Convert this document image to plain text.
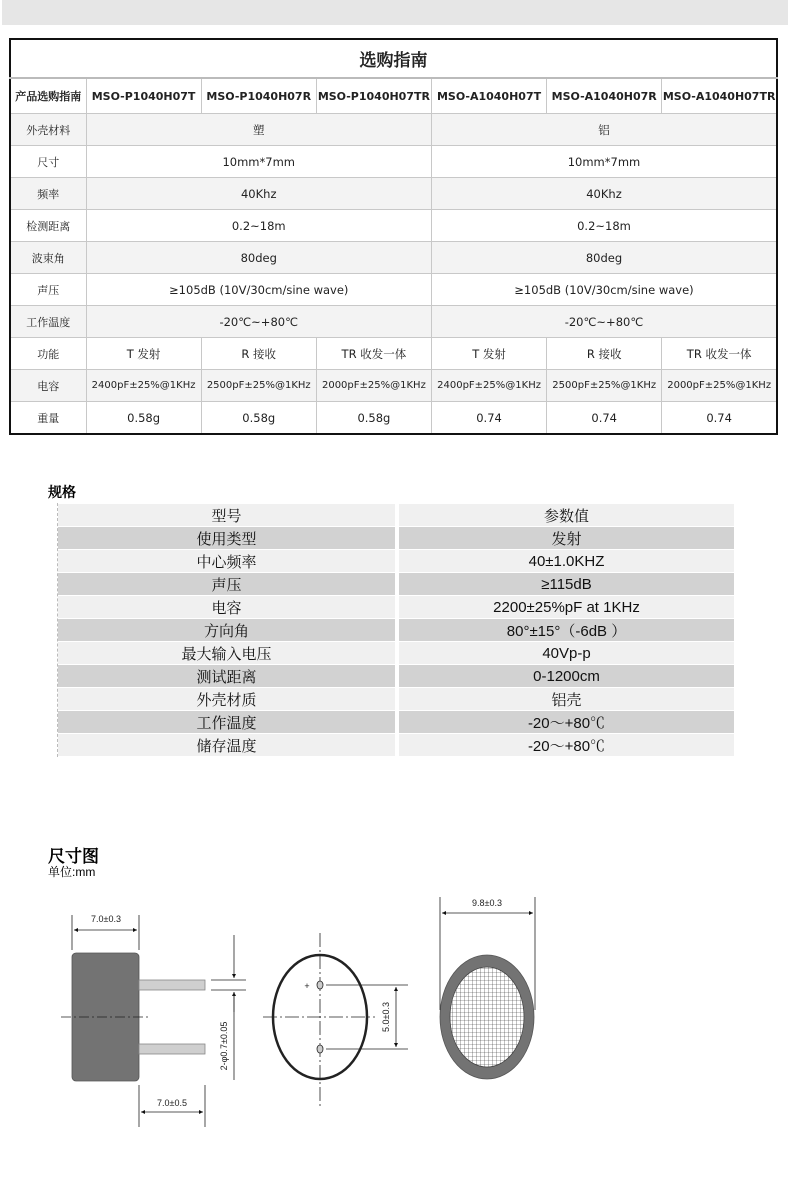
选购指南						
产品选购指南	MSO-P1040H07T	MSO-P1040H07R	MSO-P1040H07TR	MSO-A1040H07T	MSO-A1040H07R	MSO-A1040H07TR
外壳材料	塑			铝		
尺寸	10mm*7mm			10mm*7mm		
频率	40Khz			40Khz		
检测距离	0.2~18m			0.2~18m		
波束角	80deg			80deg		
声压	≥105dB (10V/30cm/sine wave)			≥105dB (10V/30cm/sine wave)		
工作温度	-20℃~+80℃			-20℃~+80℃		
功能	T 发射	R 接收	TR 收发一体	T 发射	R 接收	TR 收发一体
电容	2400pF±25%@1KHz	2500pF±25%@1KHz	2000pF±25%@1KHz	2400pF±25%@1KHz	2500pF±25%@1KHz	2000pF±25%@1KHz
重量	0.58g	0.58g	0.58g	0.74	0.74	0.74
规格
型号	参数值
使用类型	发射
中心频率	40±1.0KHZ
声压	≥115dB
电容	2200±25%pF at 1KHz
方向角	80°±15°（-6dB ）
最大输入电压	40Vp-p
测试距离	0-1200cm
外壳材质	铝壳
工作温度	-20～+80℃
储存温度	-20～+80℃
尺寸图
单位:mm
7.0±0.3
7.0±0.5
2-φ0.7±0.05
5.0±0.3
+
9.8±0.3
